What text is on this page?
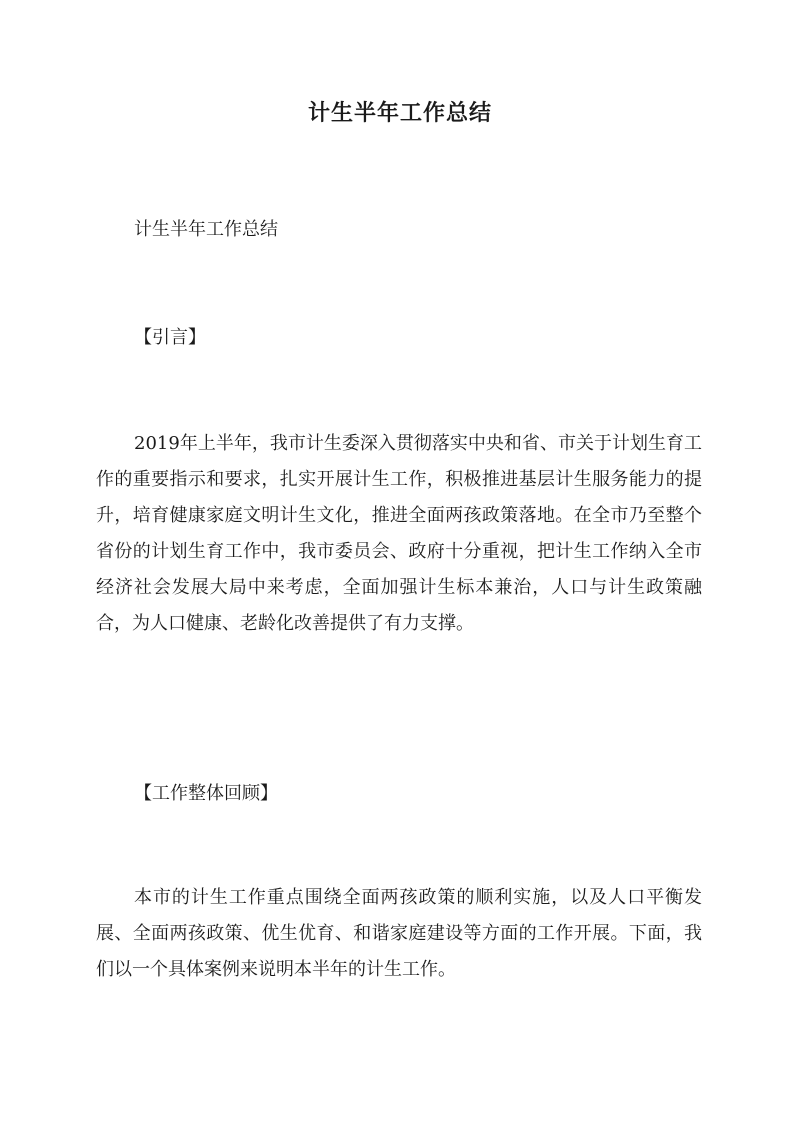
计生半年工作总结

计生半年工作总结

【引言】

2019年上半年，我市计生委深入贯彻落实中央和省、市关于计划生育工作的重要指示和要求，扎实开展计生工作，积极推进基层计生服务能力的提升，培育健康家庭文明计生文化，推进全面两孩政策落地。在全市乃至整个省份的计划生育工作中，我市委员会、政府十分重视，把计生工作纳入全市经济社会发展大局中来考虑，全面加强计生标本兼治，人口与计生政策融合，为人口健康、老龄化改善提供了有力支撑。

【工作整体回顾】

本市的计生工作重点围绕全面两孩政策的顺利实施，以及人口平衡发展、全面两孩政策、优生优育、和谐家庭建设等方面的工作开展。下面，我们以一个具体案例来说明本半年的计生工作。
